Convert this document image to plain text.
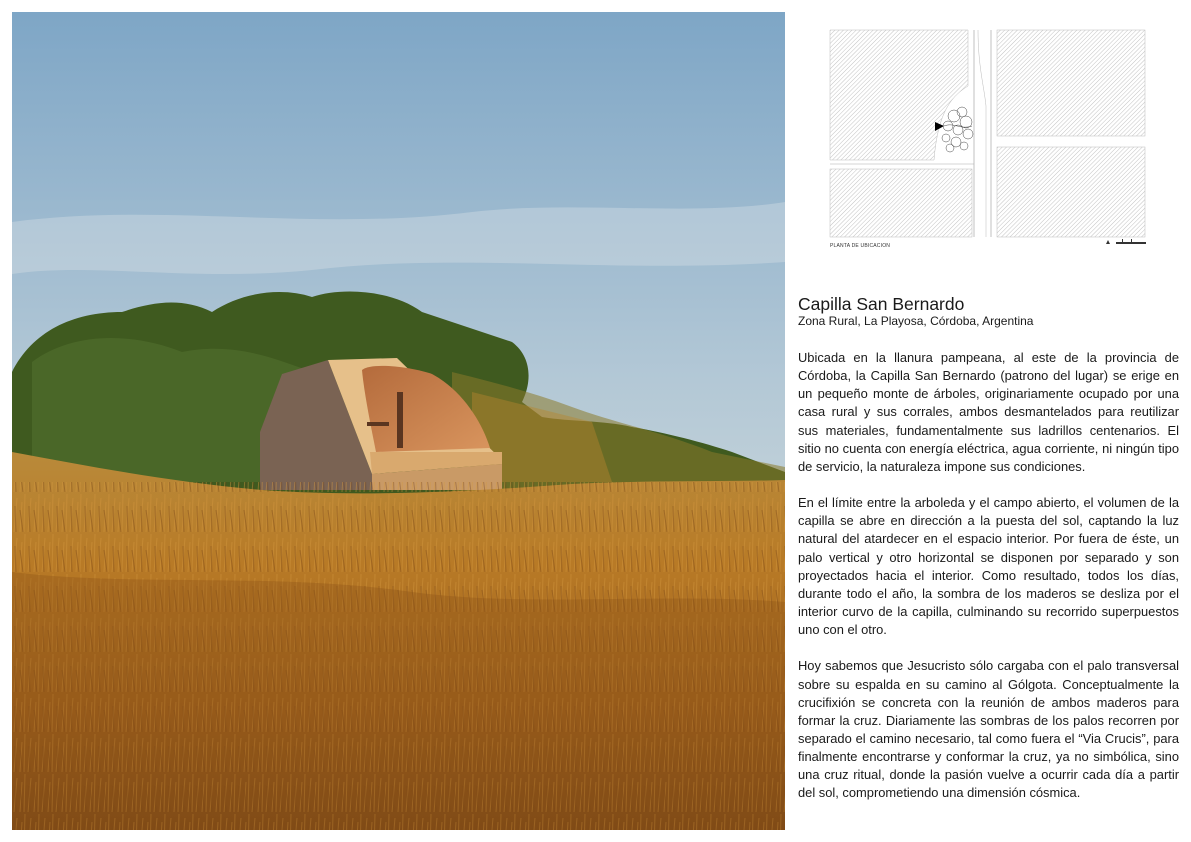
PLANTA DE UBICACION
Capilla San Bernardo

Zona Rural, La Playosa, Córdoba, Argentina

Ubicada en la llanura pampeana, al este de la provincia de Córdoba, la Capilla San Bernardo (patrono del lugar) se erige en un pequeño monte de árboles, originariamente ocupado por una casa rural y sus corrales, ambos desmantelados para reutilizar sus materiales, fundamentalmente sus ladrillos centenarios. El sitio no cuenta con energía eléctrica, agua corriente, ni ningún tipo de servicio, la naturaleza impone sus condiciones.

En el límite entre la arboleda y el campo abierto, el volumen de la capilla se abre en dirección a la puesta del sol, captando la luz natural del atardecer en el espacio interior. Por fuera de éste, un palo vertical y otro horizontal se disponen por separado y son proyectados hacia el interior. Como resultado, todos los días, durante todo el año, la sombra de los maderos se desliza por el interior curvo de la capilla, culminando su recorrido superpuestos uno con el otro.

Hoy sabemos que Jesucristo sólo cargaba con el palo transversal sobre su espalda en su camino al Gólgota. Conceptualmente la crucifixión se concreta con la reunión de ambos maderos para formar la cruz. Diariamente las sombras de los palos recorren por separado el camino necesario, tal como fuera el “Via Crucis”, para finalmente encontrarse y conformar la cruz, ya no simbólica, sino una cruz ritual, donde la pasión vuelve a ocurrir cada día a partir del sol, comprometiendo una dimensión cósmica.
